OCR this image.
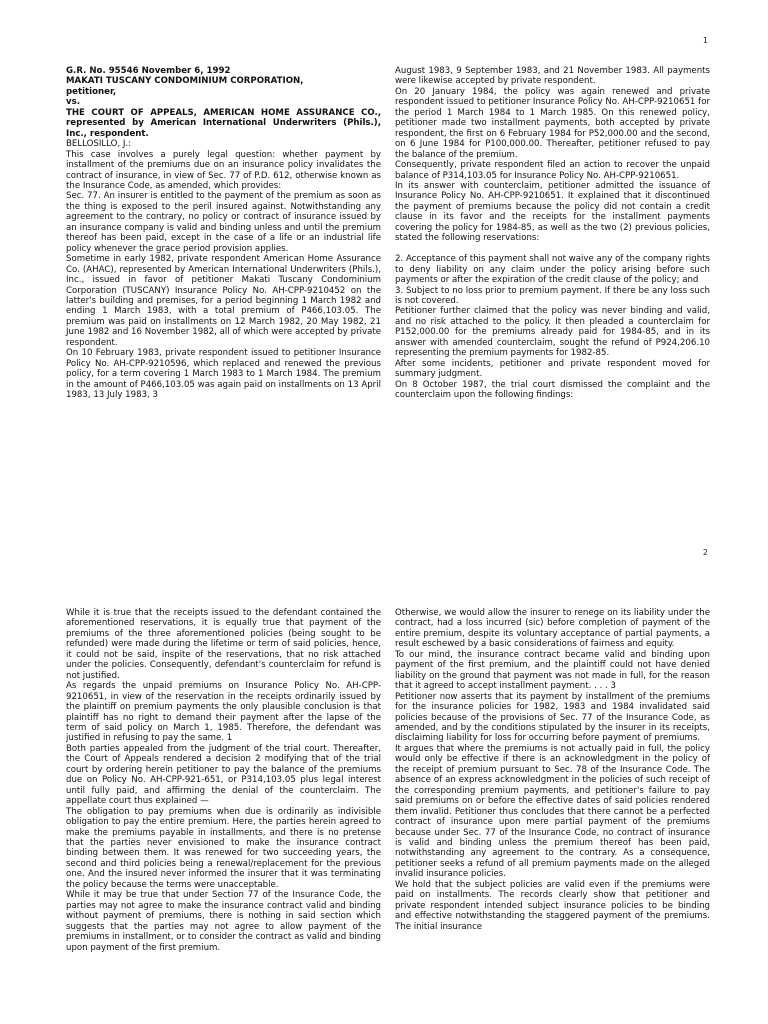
1

G.R. No. 95546 November 6, 1992

MAKATI TUSCANY CONDOMINIUM CORPORATION,

petitioner,

vs.

THE COURT OF APPEALS, AMERICAN HOME ASSURANCE CO., represented by American International Underwriters (Phils.), Inc., respondent.

BELLOSILLO, J.:

This case involves a purely legal question: whether payment by installment of the premiums due on an insurance policy invalidates the contract of insurance, in view of Sec. 77 of P.D. 612, otherwise known as the Insurance Code, as amended, which provides:

Sec. 77. An insurer is entitled to the payment of the premium as soon as the thing is exposed to the peril insured against. Notwithstanding any agreement to the contrary, no policy or contract of insurance issued by an insurance company is valid and binding unless and until the premium thereof has been paid, except in the case of a life or an industrial life policy whenever the grace period provision applies.

Sometime in early 1982, private respondent American Home Assurance Co. (AHAC), represented by American International Underwriters (Phils.), Inc., issued in favor of petitioner Makati Tuscany Condominium Corporation (TUSCANY) Insurance Policy No. AH-CPP-9210452 on the latter's building and premises, for a period beginning 1 March 1982 and ending 1 March 1983, with a total premium of P466,103.05. The premium was paid on installments on 12 March 1982, 20 May 1982, 21 June 1982 and 16 November 1982, all of which were accepted by private respondent.

On 10 February 1983, private respondent issued to petitioner Insurance Policy No. AH-CPP-9210596, which replaced and renewed the previous policy, for a term covering 1 March 1983 to 1 March 1984. The premium in the amount of P466,103.05 was again paid on installments on 13 April 1983, 13 July 1983, 3

August 1983, 9 September 1983, and 21 November 1983. All payments were likewise accepted by private respondent.

On 20 January 1984, the policy was again renewed and private respondent issued to petitioner Insurance Policy No. AH-CPP-9210651 for the period 1 March 1984 to 1 March 1985. On this renewed policy, petitioner made two installment payments, both accepted by private respondent, the first on 6 February 1984 for P52,000.00 and the second, on 6 June 1984 for P100,000.00. Thereafter, petitioner refused to pay the balance of the premium.

Consequently, private respondent filed an action to recover the unpaid balance of P314,103.05 for Insurance Policy No. AH-CPP-9210651.

In its answer with counterclaim, petitioner admitted the issuance of Insurance Policy No. AH-CPP-9210651. It explained that it discontinued the payment of premiums because the policy did not contain a credit clause in its favor and the receipts for the installment payments covering the policy for 1984-85, as well as the two (2) previous policies, stated the following reservations:

2. Acceptance of this payment shall not waive any of the company rights to deny liability on any claim under the policy arising before such payments or after the expiration of the credit clause of the policy; and

3. Subject to no loss prior to premium payment. If there be any loss such is not covered.

Petitioner further claimed that the policy was never binding and valid, and no risk attached to the policy. It then pleaded a counterclaim for P152,000.00 for the premiums already paid for 1984-85, and in its answer with amended counterclaim, sought the refund of P924,206.10 representing the premium payments for 1982-85.

After some incidents, petitioner and private respondent moved for summary judgment.

On 8 October 1987, the trial court dismissed the complaint and the counterclaim upon the following findings:

2

While it is true that the receipts issued to the defendant contained the aforementioned reservations, it is equally true that payment of the premiums of the three aforementioned policies (being sought to be refunded) were made during the lifetime or term of said policies, hence, it could not be said, inspite of the reservations, that no risk attached under the policies. Consequently, defendant's counterclaim for refund is not justified.

As regards the unpaid premiums on Insurance Policy No. AH-CPP-9210651, in view of the reservation in the receipts ordinarily issued by the plaintiff on premium payments the only plausible conclusion is that plaintiff has no right to demand their payment after the lapse of the term of said policy on March 1, 1985. Therefore, the defendant was justified in refusing to pay the same. 1

Both parties appealed from the judgment of the trial court. Thereafter, the Court of Appeals rendered a decision 2 modifying that of the trial court by ordering herein petitioner to pay the balance of the premiums due on Policy No. AH-CPP-921-651, or P314,103.05 plus legal interest until fully paid, and affirming the denial of the counterclaim. The appellate court thus explained —

The obligation to pay premiums when due is ordinarily as indivisible obligation to pay the entire premium. Here, the parties herein agreed to make the premiums payable in installments, and there is no pretense that the parties never envisioned to make the insurance contract binding between them. It was renewed for two succeeding years, the second and third policies being a renewal/replacement for the previous one. And the insured never informed the insurer that it was terminating the policy because the terms were unacceptable.

While it may be true that under Section 77 of the Insurance Code, the parties may not agree to make the insurance contract valid and binding without payment of premiums, there is nothing in said section which suggests that the parties may not agree to allow payment of the premiums in installment, or to consider the contract as valid and binding upon payment of the first premium.

Otherwise, we would allow the insurer to renege on its liability under the contract, had a loss incurred (sic) before completion of payment of the entire premium, despite its voluntary acceptance of partial payments, a result eschewed by a basic considerations of fairness and equity.

To our mind, the insurance contract became valid and binding upon payment of the first premium, and the plaintiff could not have denied liability on the ground that payment was not made in full, for the reason that it agreed to accept installment payment. . . . 3

Petitioner now asserts that its payment by installment of the premiums for the insurance policies for 1982, 1983 and 1984 invalidated said policies because of the provisions of Sec. 77 of the Insurance Code, as amended, and by the conditions stipulated by the insurer in its receipts, disclaiming liability for loss for occurring before payment of premiums.

It argues that where the premiums is not actually paid in full, the policy would only be effective if there is an acknowledgment in the policy of the receipt of premium pursuant to Sec. 78 of the Insurance Code. The absence of an express acknowledgment in the policies of such receipt of the corresponding premium payments, and petitioner's failure to pay said premiums on or before the effective dates of said policies rendered them invalid. Petitioner thus concludes that there cannot be a perfected contract of insurance upon mere partial payment of the premiums because under Sec. 77 of the Insurance Code, no contract of insurance is valid and binding unless the premium thereof has been paid, notwithstanding any agreement to the contrary. As a consequence, petitioner seeks a refund of all premium payments made on the alleged invalid insurance policies.

We hold that the subject policies are valid even if the premiums were paid on installments. The records clearly show that petitioner and private respondent intended subject insurance policies to be binding and effective notwithstanding the staggered payment of the premiums. The initial insurance
